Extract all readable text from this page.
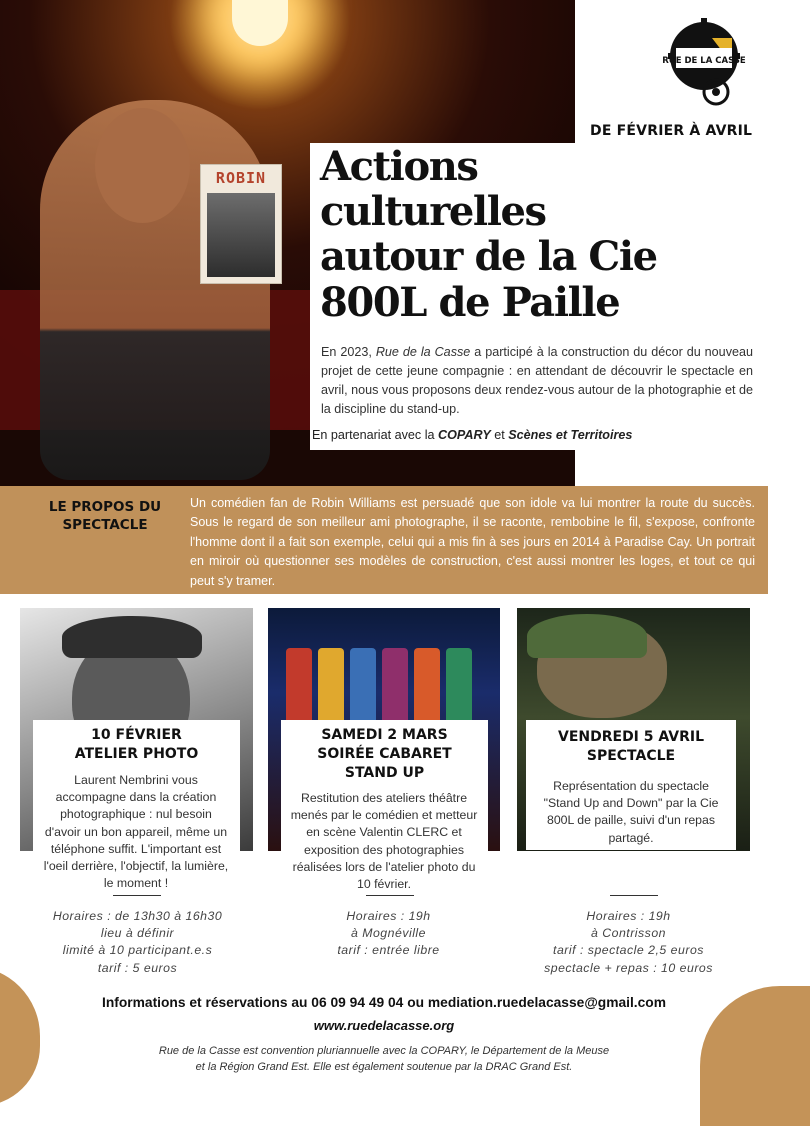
ROBIN
RUE DE LA CASSE
DE FÉVRIER À AVRIL
Actions culturelles autour de la Cie 800L de Paille

En 2023, Rue de la Casse a participé à la construction du décor du nouveau projet de cette jeune compagnie : en attendant de découvrir le spectacle en avril, nous vous proposons deux rendez-vous autour de la photographie et de la discipline du stand-up.

En partenariat avec la COPARY et Scènes et Territoires
LE PROPOS DU
SPECTACLE

Un comédien fan de Robin Williams est persuadé que son idole va lui montrer la route du succès. Sous le regard de son meilleur ami photographe, il se raconte, rembobine le fil, s'expose, confronte l'homme dont il a fait son exemple, celui qui a mis fin à ses jours en 2014 à Paradise Cay. Un portrait en miroir où questionner ses modèles de construction, c'est aussi montrer les loges, et tout ce qui peut s'y tramer.

10 FÉVRIER
ATELIER PHOTO

Laurent Nembrini vous accompagne dans la création photographique : nul besoin d'avoir un bon appareil, même un téléphone suffit. L'important est l'oeil derrière, l'objectif, la lumière, le moment !

SAMEDI 2 MARS
SOIRÉE CABARET
STAND UP

Restitution des ateliers théâtre menés par le comédien et metteur en scène Valentin CLERC et exposition des photographies réalisées lors de l'atelier photo du 10 février.

VENDREDI 5 AVRIL
SPECTACLE

Représentation du spectacle "Stand Up and Down" par la Cie 800L de paille, suivi d'un repas partagé.

Horaires : de 13h30 à 16h30
lieu à définir
limité à 10 participant.e.s
tarif : 5 euros
Horaires : 19h
à Mognéville
tarif : entrée libre
Horaires : 19h
à Contrisson
tarif : spectacle 2,5 euros
spectacle + repas : 10 euros
Informations et réservations au 06 09 94 49 04 ou mediation.ruedelacasse@gmail.com
www.ruedelacasse.org
Rue de la Casse est convention pluriannuelle avec la COPARY, le Département de la Meuse
et la Région Grand Est. Elle est également soutenue par la DRAC Grand Est.
